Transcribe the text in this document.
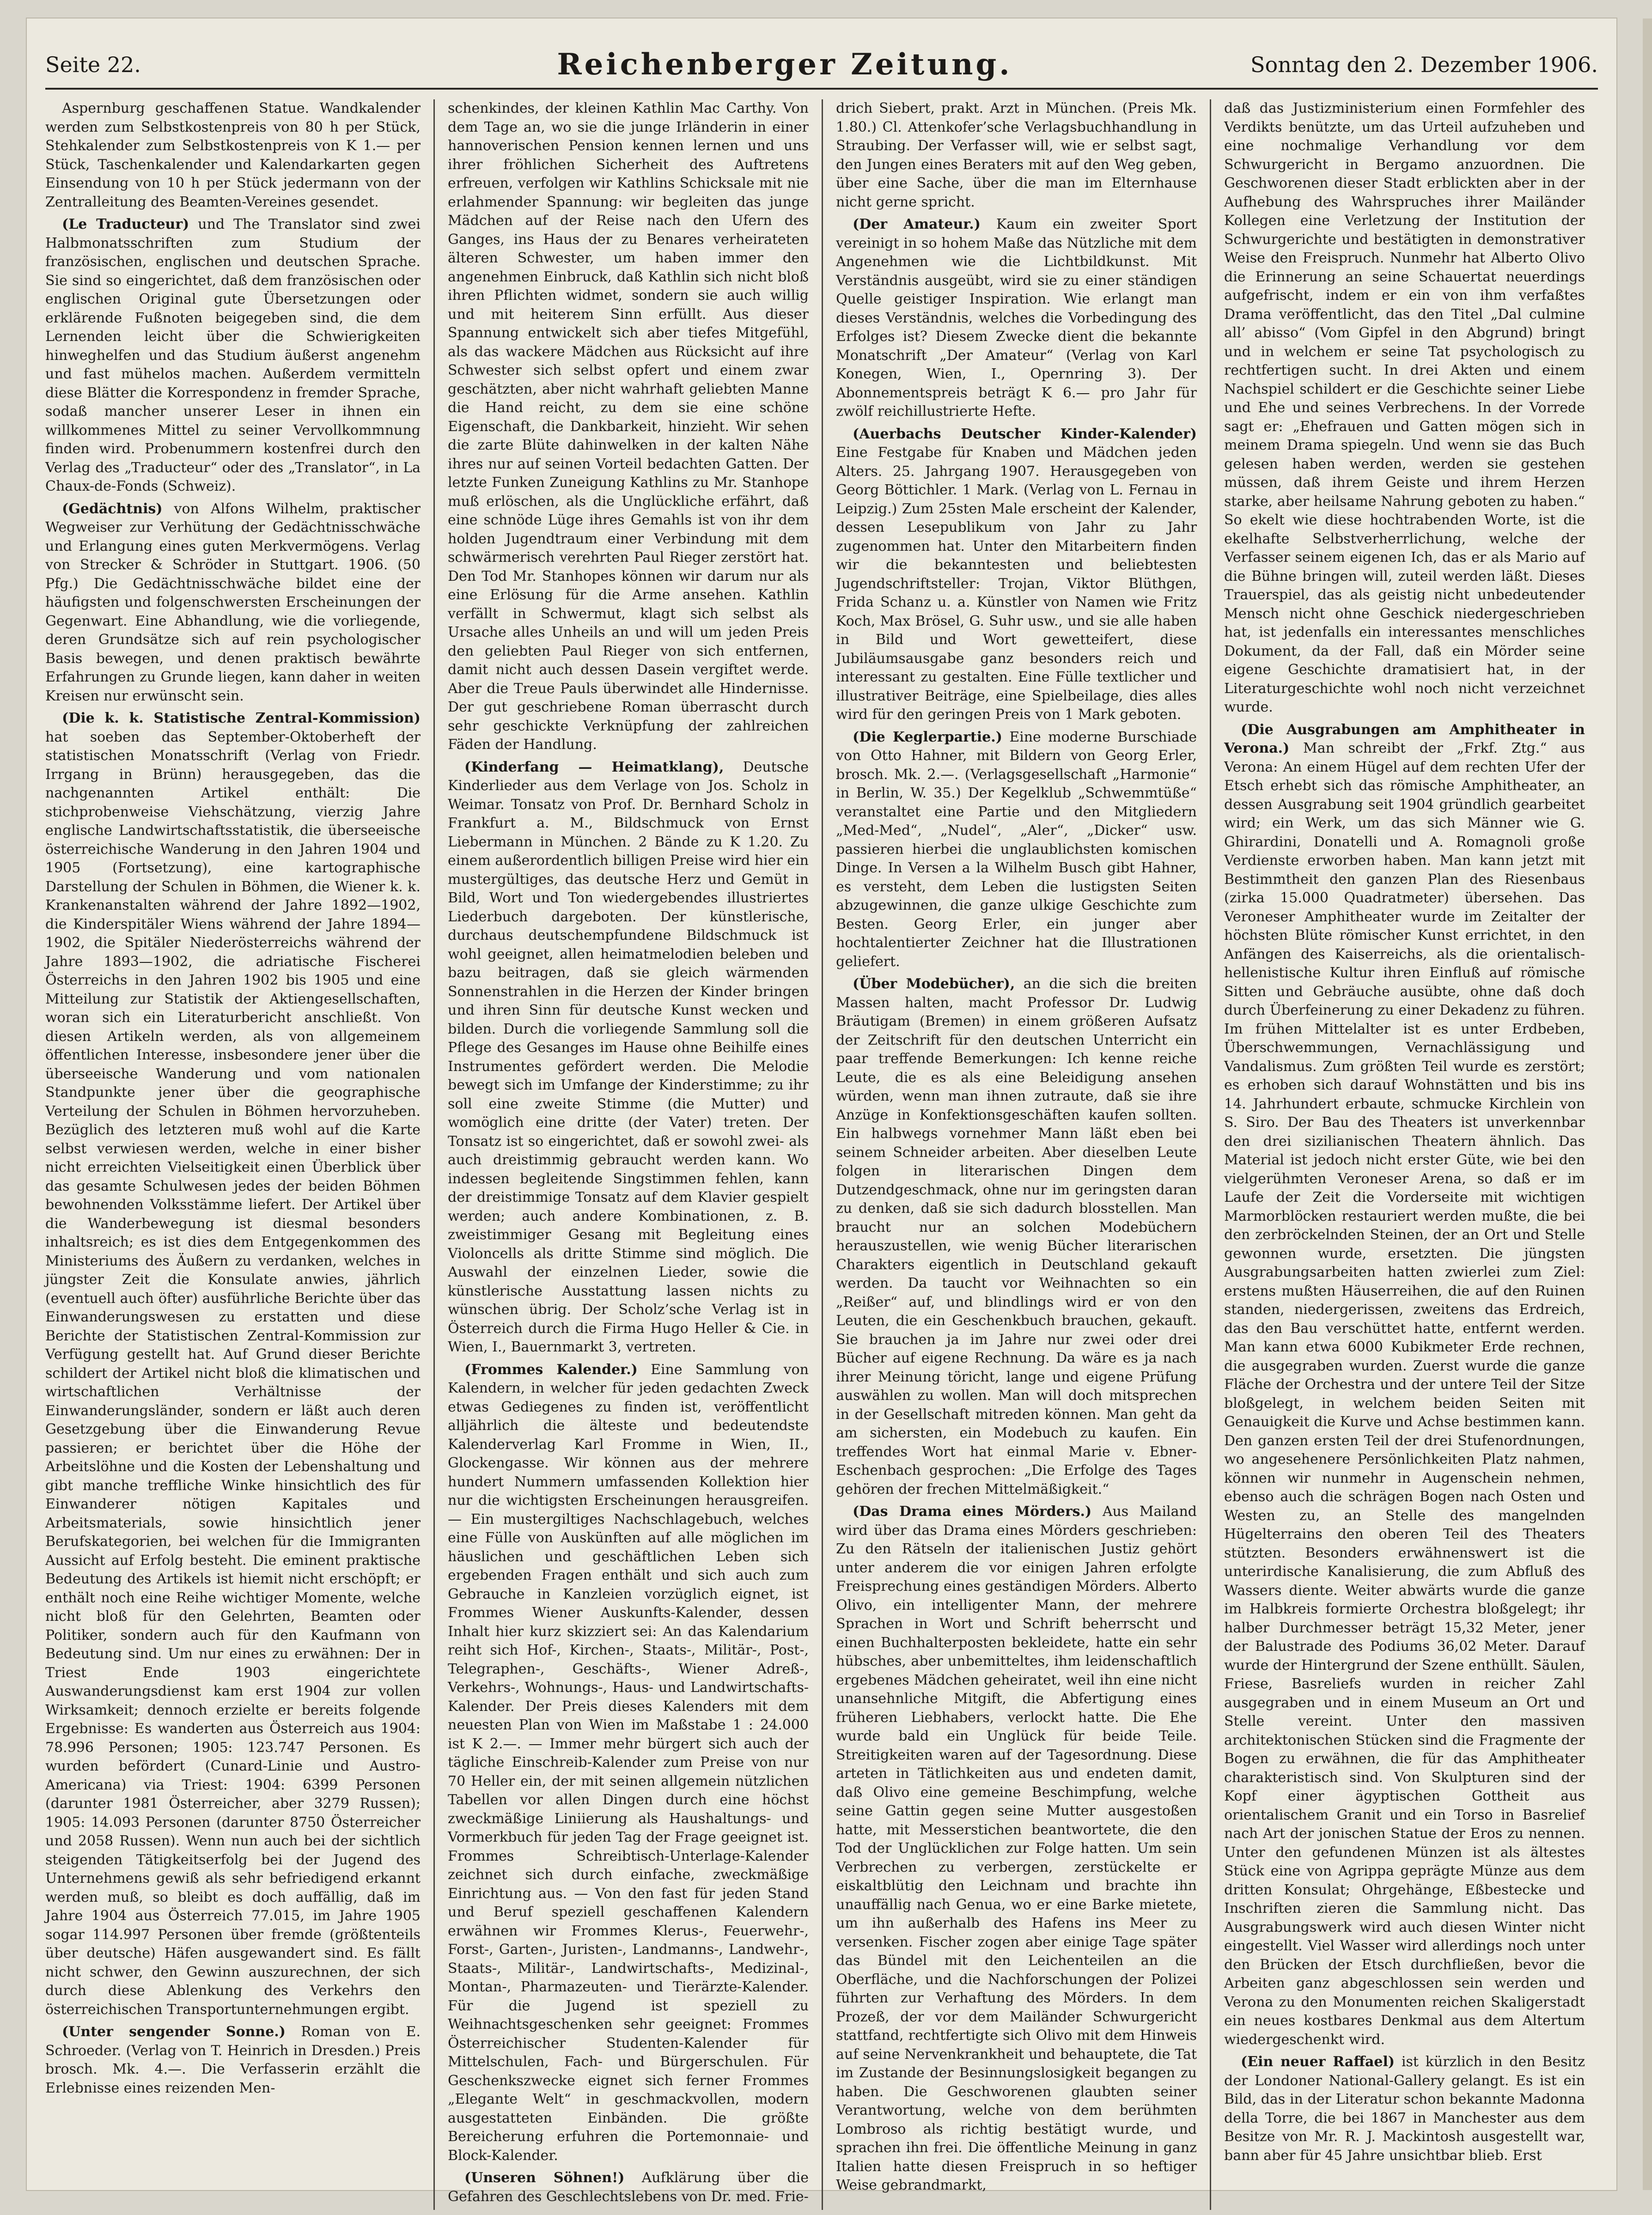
Seite 22.	Reichenberger Zeitung.	Sonntag den 2. Dezember 1906.

Aspernburg geschaffenen Statue. Wandkalender werden zum Selbstkostenpreis von 80 h per Stück, Stehkalender zum Selbstkostenpreis von K 1.— per Stück, Taschenkalender und Kalendarkarten gegen Einsendung von 10 h per Stück jedermann von der Zentralleitung des Beamten-Vereines gesendet.

(Le Traducteur) und The Translator sind zwei Halbmonatsschriften zum Studium der französischen, englischen und deutschen Sprache. Sie sind so eingerichtet, daß dem französischen oder englischen Original gute Übersetzungen oder erklärende Fußnoten beigegeben sind, die dem Lernenden leicht über die Schwierigkeiten hinweghelfen und das Studium äußerst angenehm und fast mühelos machen. Außerdem vermitteln diese Blätter die Korrespondenz in fremder Sprache, sodaß mancher unserer Leser in ihnen ein willkommenes Mittel zu seiner Vervollkommnung finden wird. Probenummern kostenfrei durch den Verlag des „Traducteur“ oder des „Translator“, in La Chaux-de-Fonds (Schweiz).

(Gedächtnis) von Alfons Wilhelm, praktischer Wegweiser zur Verhütung der Gedächtnisschwäche und Erlangung eines guten Merkvermögens. Verlag von Strecker & Schröder in Stuttgart. 1906. (50 Pfg.) Die Gedächtnisschwäche bildet eine der häufigsten und folgenschwersten Erscheinungen der Gegenwart. Eine Abhandlung, wie die vorliegende, deren Grundsätze sich auf rein psychologischer Basis bewegen, und denen praktisch bewährte Erfahrungen zu Grunde liegen, kann daher in weiten Kreisen nur erwünscht sein.

(Die k. k. Statistische Zentral-Kommission) hat soeben das September-Oktoberheft der statistischen Monatsschrift (Verlag von Friedr. Irrgang in Brünn) herausgegeben, das die nachgenannten Artikel enthält: Die stichprobenweise Viehschätzung, vierzig Jahre englische Landwirtschaftsstatistik, die überseeische österreichische Wanderung in den Jahren 1904 und 1905 (Fortsetzung), eine kartographische Darstellung der Schulen in Böhmen, die Wiener k. k. Krankenanstalten während der Jahre 1892—1902, die Kinderspitäler Wiens während der Jahre 1894—1902, die Spitäler Niederösterreichs während der Jahre 1893—1902, die adriatische Fischerei Österreichs in den Jahren 1902 bis 1905 und eine Mitteilung zur Statistik der Aktiengesellschaften, woran sich ein Literaturbericht anschließt. Von diesen Artikeln werden, als von allgemeinem öffentlichen Interesse, insbesondere jener über die überseeische Wanderung und vom nationalen Standpunkte jener über die geographische Verteilung der Schulen in Böhmen hervorzuheben. Bezüglich des letzteren muß wohl auf die Karte selbst verwiesen werden, welche in einer bisher nicht erreichten Vielseitigkeit einen Überblick über das gesamte Schulwesen jedes der beiden Böhmen bewohnenden Volksstämme liefert. Der Artikel über die Wanderbewegung ist diesmal besonders inhaltsreich; es ist dies dem Entgegenkommen des Ministeriums des Äußern zu verdanken, welches in jüngster Zeit die Konsulate anwies, jährlich (eventuell auch öfter) ausführliche Berichte über das Einwanderungswesen zu erstatten und diese Berichte der Statistischen Zentral-Kommission zur Verfügung gestellt hat. Auf Grund dieser Berichte schildert der Artikel nicht bloß die klimatischen und wirtschaftlichen Verhältnisse der Einwanderungsländer, sondern er läßt auch deren Gesetzgebung über die Einwanderung Revue passieren; er berichtet über die Höhe der Arbeitslöhne und die Kosten der Lebenshaltung und gibt manche treffliche Winke hinsichtlich des für Einwanderer nötigen Kapitales und Arbeitsmaterials, sowie hinsichtlich jener Berufskategorien, bei welchen für die Immigranten Aussicht auf Erfolg besteht. Die eminent praktische Bedeutung des Artikels ist hiemit nicht erschöpft; er enthält noch eine Reihe wichtiger Momente, welche nicht bloß für den Gelehrten, Beamten oder Politiker, sondern auch für den Kaufmann von Bedeutung sind. Um nur eines zu erwähnen: Der in Triest Ende 1903 eingerichtete Auswanderungsdienst kam erst 1904 zur vollen Wirksamkeit; dennoch erzielte er bereits folgende Ergebnisse: Es wanderten aus Österreich aus 1904: 78.996 Personen; 1905: 123.747 Personen. Es wurden befördert (Cunard-Linie und Austro-Americana) via Triest: 1904: 6399 Personen (darunter 1981 Österreicher, aber 3279 Russen); 1905: 14.093 Personen (darunter 8750 Österreicher und 2058 Russen). Wenn nun auch bei der sichtlich steigenden Tätigkeitserfolg bei der Jugend des Unternehmens gewiß als sehr befriedigend erkannt werden muß, so bleibt es doch auffällig, daß im Jahre 1904 aus Österreich 77.015, im Jahre 1905 sogar 114.997 Personen über fremde (größtenteils über deutsche) Häfen ausgewandert sind. Es fällt nicht schwer, den Gewinn auszurechnen, der sich durch diese Ablenkung des Verkehrs den österreichischen Transportunternehmungen ergibt.

(Unter sengender Sonne.) Roman von E. Schroeder. (Verlag von T. Heinrich in Dresden.) Preis brosch. Mk. 4.—. Die Verfasserin erzählt die Erlebnisse eines reizenden Men-

schenkindes, der kleinen Kathlin Mac Carthy. Von dem Tage an, wo sie die junge Irländerin in einer hannoverischen Pension kennen lernen und uns ihrer fröhlichen Sicherheit des Auftretens erfreuen, verfolgen wir Kathlins Schicksale mit nie erlahmender Spannung: wir begleiten das junge Mädchen auf der Reise nach den Ufern des Ganges, ins Haus der zu Benares verheirateten älteren Schwester, um haben immer den angenehmen Einbruck, daß Kathlin sich nicht bloß ihren Pflichten widmet, sondern sie auch willig und mit heiterem Sinn erfüllt. Aus dieser Spannung entwickelt sich aber tiefes Mitgefühl, als das wackere Mädchen aus Rücksicht auf ihre Schwester sich selbst opfert und einem zwar geschätzten, aber nicht wahrhaft geliebten Manne die Hand reicht, zu dem sie eine schöne Eigenschaft, die Dankbarkeit, hinzieht. Wir sehen die zarte Blüte dahinwelken in der kalten Nähe ihres nur auf seinen Vorteil bedachten Gatten. Der letzte Funken Zuneigung Kathlins zu Mr. Stanhope muß erlöschen, als die Unglückliche erfährt, daß eine schnöde Lüge ihres Gemahls ist von ihr dem holden Jugendtraum einer Verbindung mit dem schwärmerisch verehrten Paul Rieger zerstört hat. Den Tod Mr. Stanhopes können wir darum nur als eine Erlösung für die Arme ansehen. Kathlin verfällt in Schwermut, klagt sich selbst als Ursache alles Unheils an und will um jeden Preis den geliebten Paul Rieger von sich entfernen, damit nicht auch dessen Dasein vergiftet werde. Aber die Treue Pauls überwindet alle Hindernisse. Der gut geschriebene Roman überrascht durch sehr geschickte Verknüpfung der zahlreichen Fäden der Handlung.

(Kinderfang — Heimatklang), Deutsche Kinderlieder aus dem Verlage von Jos. Scholz in Weimar. Tonsatz von Prof. Dr. Bernhard Scholz in Frankfurt a. M., Bildschmuck von Ernst Liebermann in München. 2 Bände zu K 1.20. Zu einem außerordentlich billigen Preise wird hier ein mustergültiges, das deutsche Herz und Gemüt in Bild, Wort und Ton wiedergebendes illustriertes Liederbuch dargeboten. Der künstlerische, durchaus deutschempfundene Bildschmuck ist wohl geeignet, allen heimatmelodien beleben und bazu beitragen, daß sie gleich wärmenden Sonnenstrahlen in die Herzen der Kinder bringen und ihren Sinn für deutsche Kunst wecken und bilden. Durch die vorliegende Sammlung soll die Pflege des Gesanges im Hause ohne Beihilfe eines Instrumentes gefördert werden. Die Melodie bewegt sich im Umfange der Kinderstimme; zu ihr soll eine zweite Stimme (die Mutter) und womöglich eine dritte (der Vater) treten. Der Tonsatz ist so eingerichtet, daß er sowohl zwei- als auch dreistimmig gebraucht werden kann. Wo indessen begleitende Singstimmen fehlen, kann der dreistimmige Tonsatz auf dem Klavier gespielt werden; auch andere Kombinationen, z. B. zweistimmiger Gesang mit Begleitung eines Violoncells als dritte Stimme sind möglich. Die Auswahl der einzelnen Lieder, sowie die künstlerische Ausstattung lassen nichts zu wünschen übrig. Der Scholz’sche Verlag ist in Österreich durch die Firma Hugo Heller & Cie. in Wien, I., Bauernmarkt 3, vertreten.

(Frommes Kalender.) Eine Sammlung von Kalendern, in welcher für jeden gedachten Zweck etwas Gediegenes zu finden ist, veröffentlicht alljährlich die älteste und bedeutendste Kalenderverlag Karl Fromme in Wien, II., Glockengasse. Wir können aus der mehrere hundert Nummern umfassenden Kollektion hier nur die wichtigsten Erscheinungen herausgreifen. — Ein mustergiltiges Nachschlagebuch, welches eine Fülle von Auskünften auf alle möglichen im häuslichen und geschäftlichen Leben sich ergebenden Fragen enthält und sich auch zum Gebrauche in Kanzleien vorzüglich eignet, ist Frommes Wiener Auskunfts-Kalender, dessen Inhalt hier kurz skizziert sei: An das Kalendarium reiht sich Hof-, Kirchen-, Staats-, Militär-, Post-, Telegraphen-, Geschäfts-, Wiener Adreß-, Verkehrs-, Wohnungs-, Haus- und Landwirtschafts-Kalender. Der Preis dieses Kalenders mit dem neuesten Plan von Wien im Maßstabe 1 : 24.000 ist K 2.—. — Immer mehr bürgert sich auch der tägliche Einschreib-Kalender zum Preise von nur 70 Heller ein, der mit seinen allgemein nützlichen Tabellen vor allen Dingen durch eine höchst zweckmäßige Liniierung als Haushaltungs- und Vormerkbuch für jeden Tag der Frage geeignet ist. Frommes Schreibtisch-Unterlage-Kalender zeichnet sich durch einfache, zweckmäßige Einrichtung aus. — Von den fast für jeden Stand und Beruf speziell geschaffenen Kalendern erwähnen wir Frommes Klerus-, Feuerwehr-, Forst-, Garten-, Juristen-, Landmanns-, Landwehr-, Staats-, Militär-, Landwirtschafts-, Medizinal-, Montan-, Pharmazeuten- und Tierärzte-Kalender. Für die Jugend ist speziell zu Weihnachtsgeschenken sehr geeignet: Frommes Österreichischer Studenten-Kalender für Mittelschulen, Fach- und Bürgerschulen. Für Geschenkszwecke eignet sich ferner Frommes „Elegante Welt“ in geschmackvollen, modern ausgestatteten Einbänden. Die größte Bereicherung erfuhren die Portemonnaie- und Block-Kalender.

(Unseren Söhnen!) Aufklärung über die Gefahren des Geschlechtslebens von Dr. med. Frie-

drich Siebert, prakt. Arzt in München. (Preis Mk. 1.80.) Cl. Attenkofer’sche Verlagsbuchhandlung in Straubing. Der Verfasser will, wie er selbst sagt, den Jungen eines Beraters mit auf den Weg geben, über eine Sache, über die man im Elternhause nicht gerne spricht.

(Der Amateur.) Kaum ein zweiter Sport vereinigt in so hohem Maße das Nützliche mit dem Angenehmen wie die Lichtbildkunst. Mit Verständnis ausgeübt, wird sie zu einer ständigen Quelle geistiger Inspiration. Wie erlangt man dieses Verständnis, welches die Vorbedingung des Erfolges ist? Diesem Zwecke dient die bekannte Monatschrift „Der Amateur“ (Verlag von Karl Konegen, Wien, I., Opernring 3). Der Abonnementspreis beträgt K 6.— pro Jahr für zwölf reichillustrierte Hefte.

(Auerbachs Deutscher Kinder-Kalender) Eine Festgabe für Knaben und Mädchen jeden Alters. 25. Jahrgang 1907. Herausgegeben von Georg Böttichler. 1 Mark. (Verlag von L. Fernau in Leipzig.) Zum 25sten Male erscheint der Kalender, dessen Lesepublikum von Jahr zu Jahr zugenommen hat. Unter den Mitarbeitern finden wir die bekanntesten und beliebtesten Jugendschriftsteller: Trojan, Viktor Blüthgen, Frida Schanz u. a. Künstler von Namen wie Fritz Koch, Max Brösel, G. Suhr usw., und sie alle haben in Bild und Wort gewetteifert, diese Jubiläumsausgabe ganz besonders reich und interessant zu gestalten. Eine Fülle textlicher und illustrativer Beiträge, eine Spielbeilage, dies alles wird für den geringen Preis von 1 Mark geboten.

(Die Keglerpartie.) Eine moderne Burschiade von Otto Hahner, mit Bildern von Georg Erler, brosch. Mk. 2.—. (Verlagsgesellschaft „Harmonie“ in Berlin, W. 35.) Der Kegelklub „Schwemmtüße“ veranstaltet eine Partie und den Mitgliedern „Med-Med“, „Nudel“, „Aler“, „Dicker“ usw. passieren hierbei die unglaublichsten komischen Dinge. In Versen a la Wilhelm Busch gibt Hahner, es versteht, dem Leben die lustigsten Seiten abzugewinnen, die ganze ulkige Geschichte zum Besten. Georg Erler, ein junger aber hochtalentierter Zeichner hat die Illustrationen geliefert.

(Über Modebücher), an die sich die breiten Massen halten, macht Professor Dr. Ludwig Bräutigam (Bremen) in einem größeren Aufsatz der Zeitschrift für den deutschen Unterricht ein paar treffende Bemerkungen: Ich kenne reiche Leute, die es als eine Beleidigung ansehen würden, wenn man ihnen zutraute, daß sie ihre Anzüge in Konfektionsgeschäften kaufen sollten. Ein halbwegs vornehmer Mann läßt eben bei seinem Schneider arbeiten. Aber dieselben Leute folgen in literarischen Dingen dem Dutzendgeschmack, ohne nur im geringsten daran zu denken, daß sie sich dadurch blosstellen. Man braucht nur an solchen Modebüchern herauszustellen, wie wenig Bücher literarischen Charakters eigentlich in Deutschland gekauft werden. Da taucht vor Weihnachten so ein „Reißer“ auf, und blindlings wird er von den Leuten, die ein Geschenkbuch brauchen, gekauft. Sie brauchen ja im Jahre nur zwei oder drei Bücher auf eigene Rechnung. Da wäre es ja nach ihrer Meinung töricht, lange und eigene Prüfung auswählen zu wollen. Man will doch mitsprechen in der Gesellschaft mitreden können. Man geht da am sichersten, ein Modebuch zu kaufen. Ein treffendes Wort hat einmal Marie v. Ebner-Eschenbach gesprochen: „Die Erfolge des Tages gehören der frechen Mittelmäßigkeit.“

(Das Drama eines Mörders.) Aus Mailand wird über das Drama eines Mörders geschrieben: Zu den Rätseln der italienischen Justiz gehört unter anderem die vor einigen Jahren erfolgte Freisprechung eines geständigen Mörders. Alberto Olivo, ein intelligenter Mann, der mehrere Sprachen in Wort und Schrift beherrscht und einen Buchhalterposten bekleidete, hatte ein sehr hübsches, aber unbemitteltes, ihm leidenschaftlich ergebenes Mädchen geheiratet, weil ihn eine nicht unansehnliche Mitgift, die Abfertigung eines früheren Liebhabers, verlockt hatte. Die Ehe wurde bald ein Unglück für beide Teile. Streitigkeiten waren auf der Tagesordnung. Diese arteten in Tätlichkeiten aus und endeten damit, daß Olivo eine gemeine Beschimpfung, welche seine Gattin gegen seine Mutter ausgestoßen hatte, mit Messerstichen beantwortete, die den Tod der Unglücklichen zur Folge hatten. Um sein Verbrechen zu verbergen, zerstückelte er eiskaltblütig den Leichnam und brachte ihn unauffällig nach Genua, wo er eine Barke mietete, um ihn außerhalb des Hafens ins Meer zu versenken. Fischer zogen aber einige Tage später das Bündel mit den Leichenteilen an die Oberfläche, und die Nachforschungen der Polizei führten zur Verhaftung des Mörders. In dem Prozeß, der vor dem Mailänder Schwurgericht stattfand, rechtfertigte sich Olivo mit dem Hinweis auf seine Nervenkrankheit und behauptete, die Tat im Zustande der Besinnungslosigkeit begangen zu haben. Die Geschworenen glaubten seiner Verantwortung, welche von dem berühmten Lombroso als richtig bestätigt wurde, und sprachen ihn frei. Die öffentliche Meinung in ganz Italien hatte diesen Freispruch in so heftiger Weise gebrandmarkt,

daß das Justizministerium einen Formfehler des Verdikts benützte, um das Urteil aufzuheben und eine nochmalige Verhandlung vor dem Schwurgericht in Bergamo anzuordnen. Die Geschworenen dieser Stadt erblickten aber in der Aufhebung des Wahrspruches ihrer Mailänder Kollegen eine Verletzung der Institution der Schwurgerichte und bestätigten in demonstrativer Weise den Freispruch. Nunmehr hat Alberto Olivo die Erinnerung an seine Schauertat neuerdings aufgefrischt, indem er ein von ihm verfaßtes Drama veröffentlicht, das den Titel „Dal culmine all’ abisso“ (Vom Gipfel in den Abgrund) bringt und in welchem er seine Tat psychologisch zu rechtfertigen sucht. In drei Akten und einem Nachspiel schildert er die Geschichte seiner Liebe und Ehe und seines Verbrechens. In der Vorrede sagt er: „Ehefrauen und Gatten mögen sich in meinem Drama spiegeln. Und wenn sie das Buch gelesen haben werden, werden sie gestehen müssen, daß ihrem Geiste und ihrem Herzen starke, aber heilsame Nahrung geboten zu haben.“ So ekelt wie diese hochtrabenden Worte, ist die ekelhafte Selbstverherrlichung, welche der Verfasser seinem eigenen Ich, das er als Mario auf die Bühne bringen will, zuteil werden läßt. Dieses Trauerspiel, das als geistig nicht unbedeutender Mensch nicht ohne Geschick niedergeschrieben hat, ist jedenfalls ein interessantes menschliches Dokument, da der Fall, daß ein Mörder seine eigene Geschichte dramatisiert hat, in der Literaturgeschichte wohl noch nicht verzeichnet wurde.

(Die Ausgrabungen am Amphitheater in Verona.) Man schreibt der „Frkf. Ztg.“ aus Verona: An einem Hügel auf dem rechten Ufer der Etsch erhebt sich das römische Amphitheater, an dessen Ausgrabung seit 1904 gründlich gearbeitet wird; ein Werk, um das sich Männer wie G. Ghirardini, Donatelli und A. Romagnoli große Verdienste erworben haben. Man kann jetzt mit Bestimmtheit den ganzen Plan des Riesenbaus (zirka 15.000 Quadratmeter) übersehen. Das Veroneser Amphitheater wurde im Zeitalter der höchsten Blüte römischer Kunst errichtet, in den Anfängen des Kaiserreichs, als die orientalisch-hellenistische Kultur ihren Einfluß auf römische Sitten und Gebräuche ausübte, ohne daß doch durch Überfeinerung zu einer Dekadenz zu führen. Im frühen Mittelalter ist es unter Erdbeben, Überschwemmungen, Vernachlässigung und Vandalismus. Zum größten Teil wurde es zerstört; es erhoben sich darauf Wohnstätten und bis ins 14. Jahrhundert erbaute, schmucke Kirchlein von S. Siro. Der Bau des Theaters ist unverkennbar den drei sizilianischen Theatern ähnlich. Das Material ist jedoch nicht erster Güte, wie bei den vielgerühmten Veroneser Arena, so daß er im Laufe der Zeit die Vorderseite mit wichtigen Marmorblöcken restauriert werden mußte, die bei den zerbröckelnden Steinen, der an Ort und Stelle gewonnen wurde, ersetzten. Die jüngsten Ausgrabungsarbeiten hatten zwierlei zum Ziel: erstens mußten Häuserreihen, die auf den Ruinen standen, niedergerissen, zweitens das Erdreich, das den Bau verschüttet hatte, entfernt werden. Man kann etwa 6000 Kubikmeter Erde rechnen, die ausgegraben wurden. Zuerst wurde die ganze Fläche der Orchestra und der untere Teil der Sitze bloßgelegt, in welchem beiden Seiten mit Genauigkeit die Kurve und Achse bestimmen kann. Den ganzen ersten Teil der drei Stufenordnungen, wo angesehenere Persönlichkeiten Platz nahmen, können wir nunmehr in Augenschein nehmen, ebenso auch die schrägen Bogen nach Osten und Westen zu, an Stelle des mangelnden Hügelterrains den oberen Teil des Theaters stützten. Besonders erwähnenswert ist die unterirdische Kanalisierung, die zum Abfluß des Wassers diente. Weiter abwärts wurde die ganze im Halbkreis formierte Orchestra bloßgelegt; ihr halber Durchmesser beträgt 15,32 Meter, jener der Balustrade des Podiums 36,02 Meter. Darauf wurde der Hintergrund der Szene enthüllt. Säulen, Friese, Basreliefs wurden in reicher Zahl ausgegraben und in einem Museum an Ort und Stelle vereint. Unter den massiven architektonischen Stücken sind die Fragmente der Bogen zu erwähnen, die für das Amphitheater charakteristisch sind. Von Skulpturen sind der Kopf einer ägyptischen Gottheit aus orientalischem Granit und ein Torso in Basrelief nach Art der jonischen Statue der Eros zu nennen. Unter den gefundenen Münzen ist als ältestes Stück eine von Agrippa geprägte Münze aus dem dritten Konsulat; Ohrgehänge, Eßbestecke und Inschriften zieren die Sammlung nicht. Das Ausgrabungswerk wird auch diesen Winter nicht eingestellt. Viel Wasser wird allerdings noch unter den Brücken der Etsch durchfließen, bevor die Arbeiten ganz abgeschlossen sein werden und Verona zu den Monumenten reichen Skaligerstadt ein neues kostbares Denkmal aus dem Altertum wiedergeschenkt wird.

(Ein neuer Raffael) ist kürzlich in den Besitz der Londoner National-Gallery gelangt. Es ist ein Bild, das in der Literatur schon bekannte Madonna della Torre, die bei 1867 in Manchester aus dem Besitze von Mr. R. J. Mackintosh ausgestellt war, bann aber für 45 Jahre unsichtbar blieb. Erst
